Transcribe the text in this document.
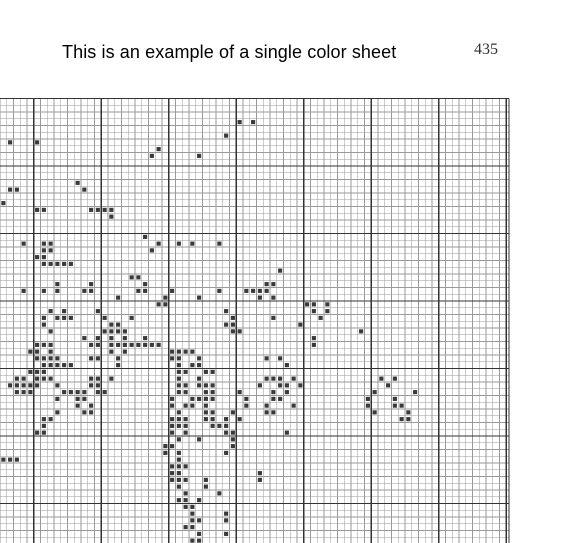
This is an example of a single color sheet	435
